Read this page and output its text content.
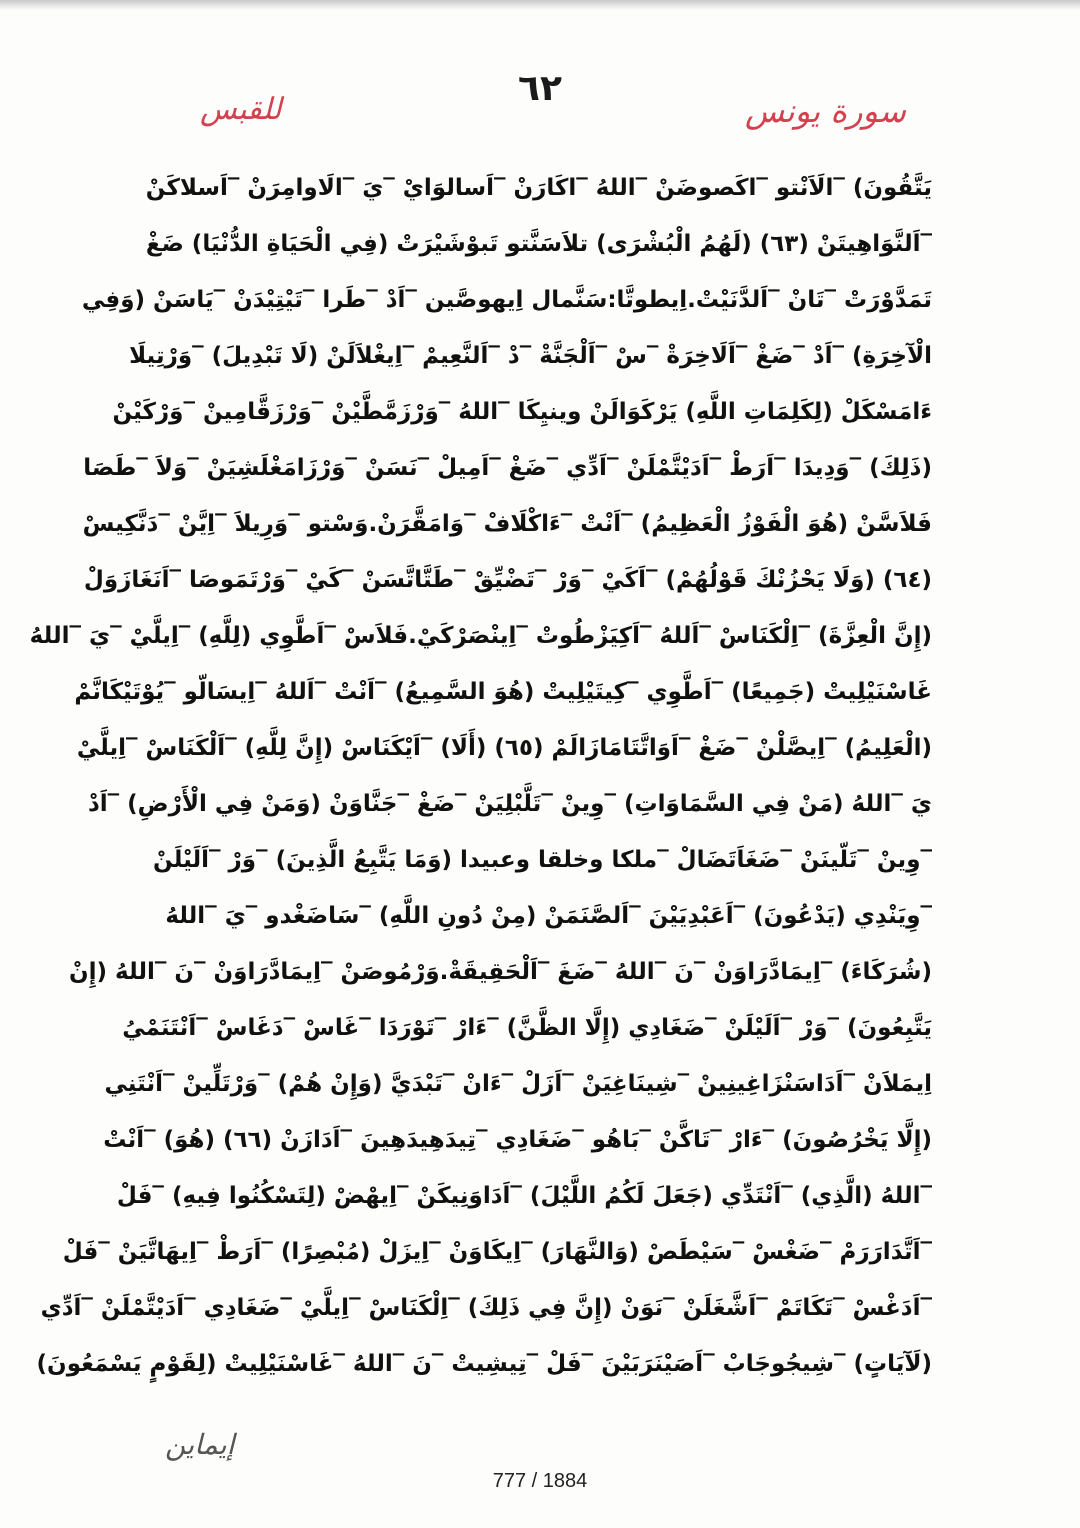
للقبس
٦٢
سورة يونس
يَتَّقُونَ) ‾الَاَنْتو ‾اكَصوضَنْ ‾اللهُ ‾اكَارَنْ ‾اَسالوَايْ ‾يَ ‾الَاوامِرَنْ ‾اَسلاكَنْ
‾اَلنَّوَاهِيتَنْ (٦٣) (لَهُمُ الْبُشْرَى) تلاَسَنَّتو تَبوْشَيْرَتْ (فِي الْحَيَاةِ الدُّنْيَا) ضَغْ
تَمَدَّوْرَتْ ‾تَانْ ‾اَلدَّنَيْتْ.اِيطوتَّا:سَنَّمال اِيهوصَّين ‾اَدْ ‾طَرا ‾تَيْتِيْدَنْ ‾يَاسَنْ (وَفِي
الْآخِرَةِ) ‾اَدْ ‾ضَغْ ‾اَلَاخِرَةْ ‾سْ ‾اَلْجَنَّةْ ‾دْ ‾اَلنَّعِيمْ ‾اِيغْلاَلَنْ (لَا تَبْدِيلَ) ‾وَرْتِيلَا
ءَامَسْكَلْ (لِكَلِمَاتِ اللَّهِ) يَرْكَوَالَنْ وينيِكَا ‾اللهُ ‾وَرْزَمَّطَّيْنْ ‾وَرْزَقَّامِينْ ‾وَرْكَيْنْ
(ذَلِكَ) ‾وَدِيدَا ‾اَرَطْ ‾اَدَيْتَّمْلَنْ ‾اَدِّي ‾ضَغْ ‾اَمِيلْ ‾نَسَنْ ‾وَرْزَامَغْلَشِيَنْ ‾وَلاَ ‾طَصَا
فَلاَسَّنْ (هُوَ الْفَوْزُ الْعَظِيمُ) ‾اَنْتْ ‾ءَاكْلَافْ ‾وَامَقَّرَنْ.وَسْتو ‾وَرِيلاَ ‾اِيَّنْ ‾دَنَّكِيسْ
(٦٤) (وَلَا يَحْزُنْكَ قَوْلُهُمْ) ‾اَكَيْ ‾وَرْ ‾تَضْيِّقْ ‾طَتَّاتَّسَنْ ‾كَيْ ‾وَرْتَمَوصَا ‾اَنَغَازَوَلْ
(إِنَّ الْعِزَّةَ) ‾اِلْكَنَاسْ ‾اَللهُ ‾اَكِيَزْطُوتْ ‾اِينْصَرْكَيْ.فَلاَسْ ‾اَطَّوِي (لِلَّهِ) ‾اِيلَّيْ ‾يَ ‾اللهُ
غَاسْنَيْلِيتْ (جَمِيعًا) ‾اَطَّوِي ‾كِيتَيْلِيتْ (هُوَ السَّمِيعُ) ‾اَنْتْ ‾اَللهُ ‾اِيسَالّو ‾يُوْتَيْكَانَّمْ
(الْعَلِيمُ) ‾اِيصَّلْنْ ‾ضَغْ ‾اَوَاتَّتَامَازَالَمْ (٦٥) (أَلَا) ‾اَيْكَنَاسْ (إِنَّ لِلَّهِ) ‾اَلْكَنَاسْ ‾اِيلَّيْ
يَ ‾اللهُ (مَنْ فِي السَّمَاوَاتِ) ‾وِينْ ‾تَلَّبْلِيَنْ ‾ضَغْ ‾جَنَّاوَنْ (وَمَنْ فِي الْأَرْضِ) ‾اَدْ
‾وِينْ ‾تَلّينَنْ ‾ضَغَاَتَضَالْ ‾ملكا وخلقا وعبيدا (وَمَا يَتَّبِعُ الَّذِينَ) ‾وَرْ ‾اَلَيْلَنْ
‾وِيَنْدِي (يَدْعُونَ) ‾اَعَبْدِيَيْنَ ‾اَلصَّنَمَنْ (مِنْ دُونِ اللَّهِ) ‾سَاضَغْدو ‾يَ ‾اللهُ
(شُرَكَاءَ) ‾اِيمَادَّرَاوَنْ ‾نَ ‾اللهُ ‾ضَغَ ‾اَلْحَقِيقَةْ.وَرْمُوصَنْ ‾اِيمَادَّرَاوَنْ ‾نَ ‾اللهُ (إِنْ
يَتَّبِعُونَ) ‾وَرْ ‾اَلَيْلَنْ ‾ضَغَادِي (إِلَّا الظَّنَّ) ‾ءَارْ ‾تَوْرَدَا ‾غَاسْ ‾دَغَاسْ ‾اَنْتَنَمْيُ
اِيمَلاَنْ ‾اَدَاسَنْزَاغِينِينْ ‾شِينَاغِيَنْ ‾اَزَلْ ‾ءَانْ ‾تَبْدَيَّ (وَإِنْ هُمْ) ‾وَرْتَلِّينْ ‾اَنْتَنِي
(إِلَّا يَخْرُصُونَ) ‾ءَارْ ‾تَاكَّنْ ‾بَاهُو ‾ضَغَادِي ‾تِيدَهِيدَهِينَ ‾اَدَازَنْ (٦٦) (هُوَ) ‾اَنْتْ
‾اللهُ (الَّذِي) ‾اَنْتَدِّي (جَعَلَ لَكُمُ اللَّيْلَ) ‾اَدَاوَنِيكَنْ ‾اِيهْضْ (لِتَسْكُنُوا فِيهِ) ‾فَلْ
‾اَتَّدَارَرَمْ ‾ضَغْسْ ‾سَيْطَصْ (وَالنَّهَارَ) ‾اِيكَاوَنْ ‾اِيزَلْ (مُبْصِرًا) ‾اَرَطْ ‾اِيهَاتَّيَنْ ‾فَلْ
‾اَدَغْسْ ‾تَكَاتَمْ ‾اَشَّغَلَنْ ‾نَوَنْ (إِنَّ فِي ذَلِكَ) ‾اِلْكَنَاسْ ‾اِيلَّيْ ‾ضَغَادِي ‾اَدَيْتَّمْلَنْ ‾اَدِّي
(لَآيَاتٍ) ‾شِيجُوجَابْ ‾اَصَيْنَرَبَيْنَ ‾فَلْ ‾تِيشِيتْ ‾نَ ‾اللهُ ‾غَاسْنَيْلِيتْ (لِقَوْمٍ يَسْمَعُونَ)
إيماين
777 / 1884
